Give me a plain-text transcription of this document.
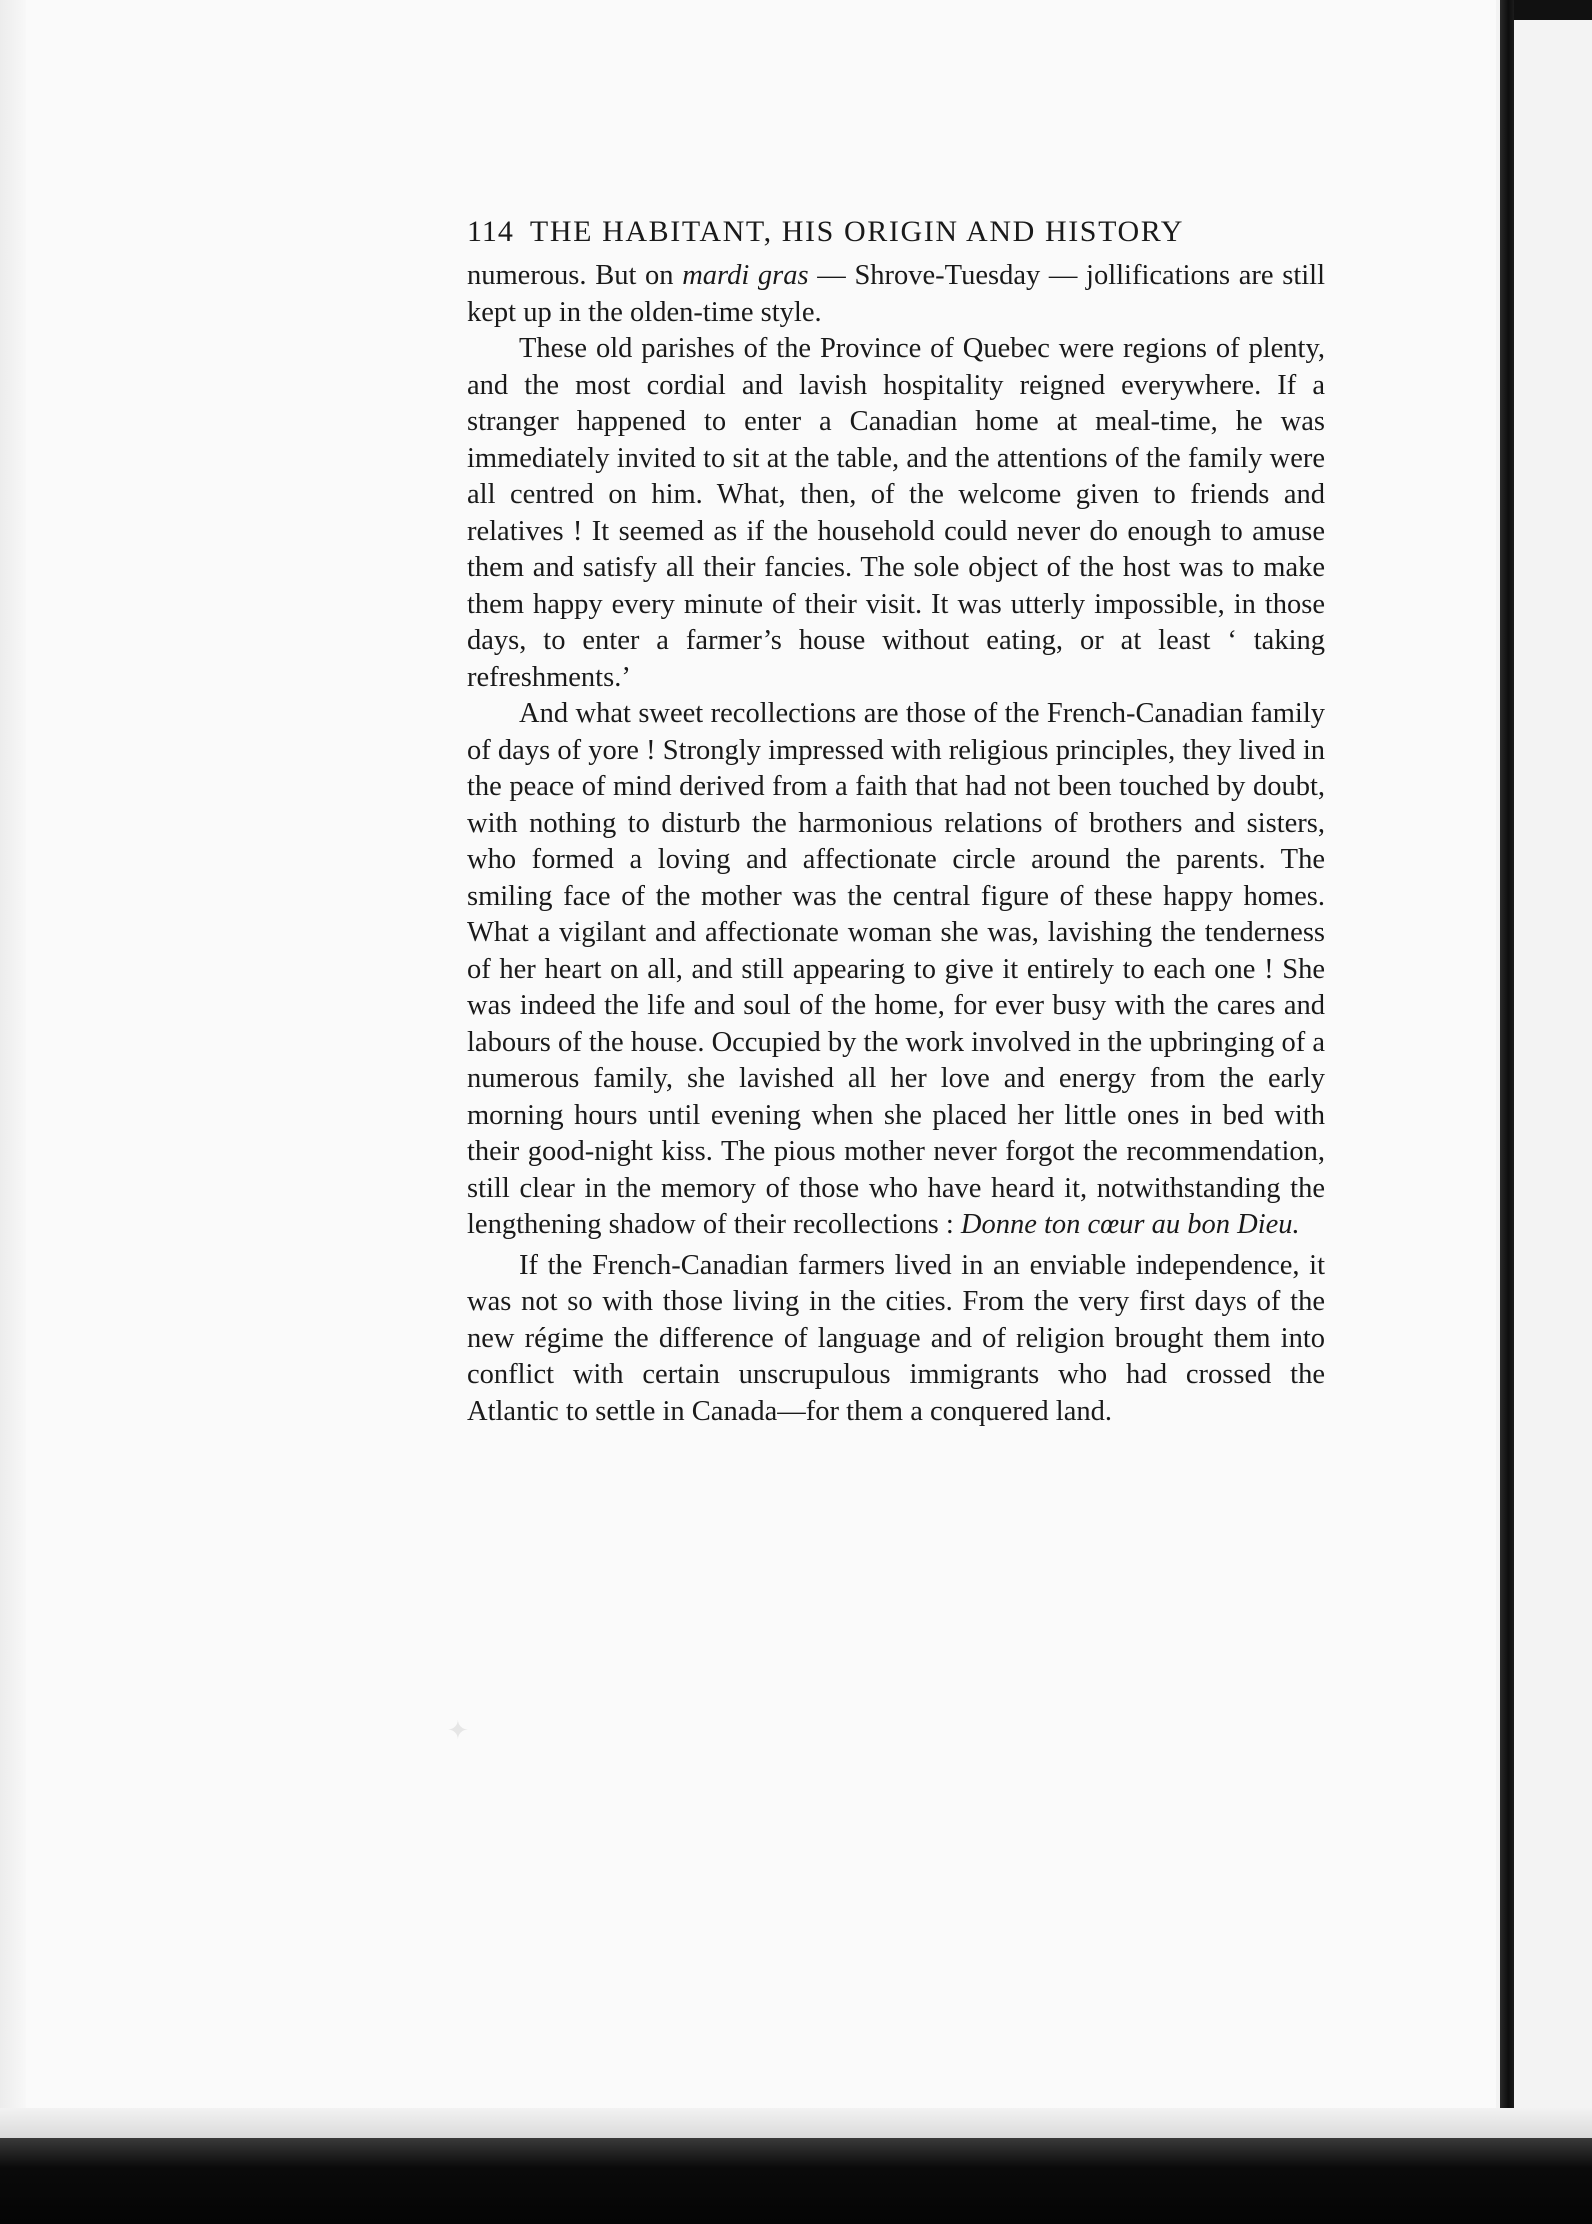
114 THE HABITANT, HIS ORIGIN AND HISTORY

numerous. But on mardi gras — Shrove-Tuesday — jollifications are still kept up in the olden-time style.

These old parishes of the Province of Quebec were regions of plenty, and the most cordial and lavish hospitality reigned everywhere. If a stranger happened to enter a Canadian home at meal-time, he was immediately invited to sit at the table, and the attentions of the family were all centred on him. What, then, of the welcome given to friends and relatives ! It seemed as if the household could never do enough to amuse them and satisfy all their fancies. The sole object of the host was to make them happy every minute of their visit. It was utterly impossible, in those days, to enter a farmer’s house without eating, or at least ‘ taking refreshments.’

And what sweet recollections are those of the French-Canadian family of days of yore ! Strongly impressed with religious principles, they lived in the peace of mind derived from a faith that had not been touched by doubt, with nothing to disturb the harmonious relations of brothers and sisters, who formed a loving and affectionate circle around the parents. The smiling face of the mother was the central figure of these happy homes. What a vigilant and affectionate woman she was, lavishing the tenderness of her heart on all, and still appearing to give it entirely to each one ! She was indeed the life and soul of the home, for ever busy with the cares and labours of the house. Occupied by the work involved in the upbringing of a numerous family, she lavished all her love and energy from the early morning hours until evening when she placed her little ones in bed with their good-night kiss. The pious mother never forgot the recommendation, still clear in the memory of those who have heard it, notwithstanding the lengthening shadow of their recollections : Donne ton cœur au bon Dieu.

If the French-Canadian farmers lived in an enviable independence, it was not so with those living in the cities. From the very first days of the new régime the difference of language and of religion brought them into conflict with certain unscrupulous immigrants who had crossed the Atlantic to settle in Canada—for them a conquered land.

✦
